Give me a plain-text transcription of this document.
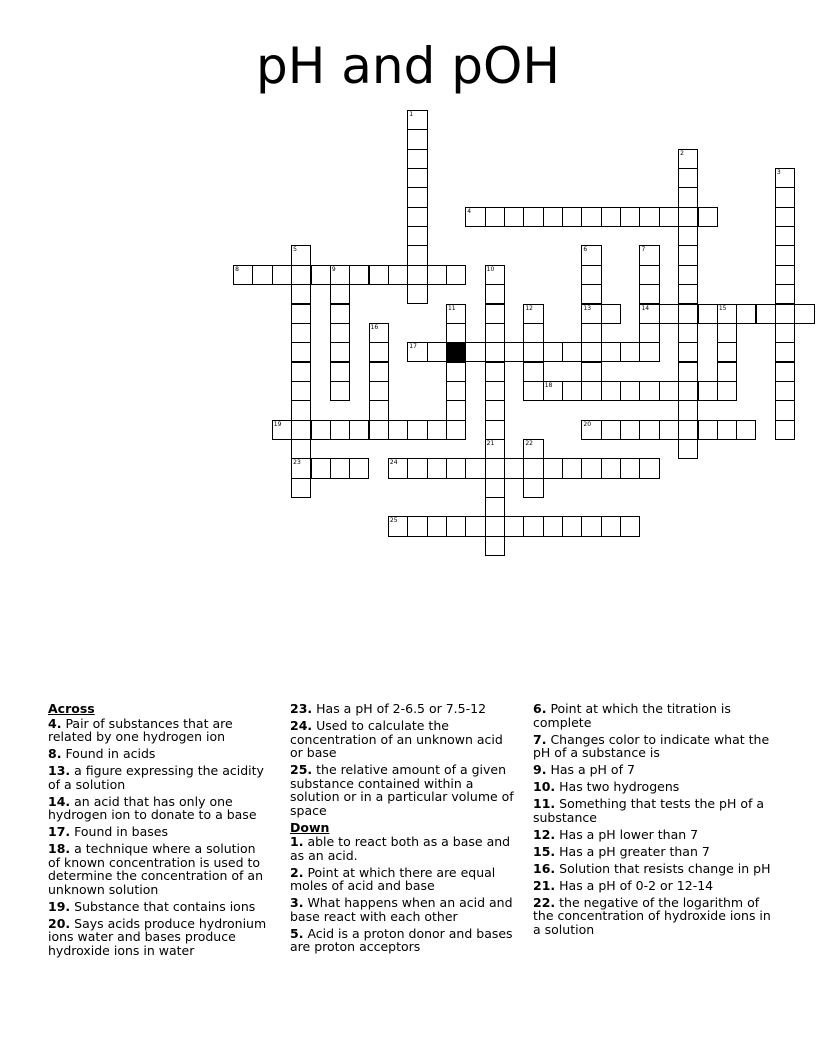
pH and pOH
1
2
3
4
5
23
6
13
7
14
8	9	10
11	12	15
16
17
18
19	20
21	22
24
25
Across
4. Pair of substances that are related by one hydrogen ion
8. Found in acids
13. a figure expressing the acidity of a solution
14. an acid that has only one hydrogen ion to donate to a base
17. Found in bases
18. a technique where a solution of known concentration is used to determine the concentration of an unknown solution
19. Substance that contains ions
20. Says acids produce hydronium ions water and bases produce hydroxide ions in water
23. Has a pH of 2-6.5 or 7.5-12
24. Used to calculate the concentration of an unknown acid or base
25. the relative amount of a given substance contained within a solution or in a particular volume of space
Down
1. able to react both as a base and as an acid.
2. Point at which there are equal moles of acid and base
3. What happens when an acid and base react with each other
5. Acid is a proton donor and bases are proton acceptors
6. Point at which the titration is complete
7. Changes color to indicate what the pH of a substance is
9. Has a pH of 7
10. Has two hydrogens
11. Something that tests the pH of a substance
12. Has a pH lower than 7
15. Has a pH greater than 7
16. Solution that resists change in pH
21. Has a pH of 0-2 or 12-14
22. the negative of the logarithm of the concentration of hydroxide ions in a solution
